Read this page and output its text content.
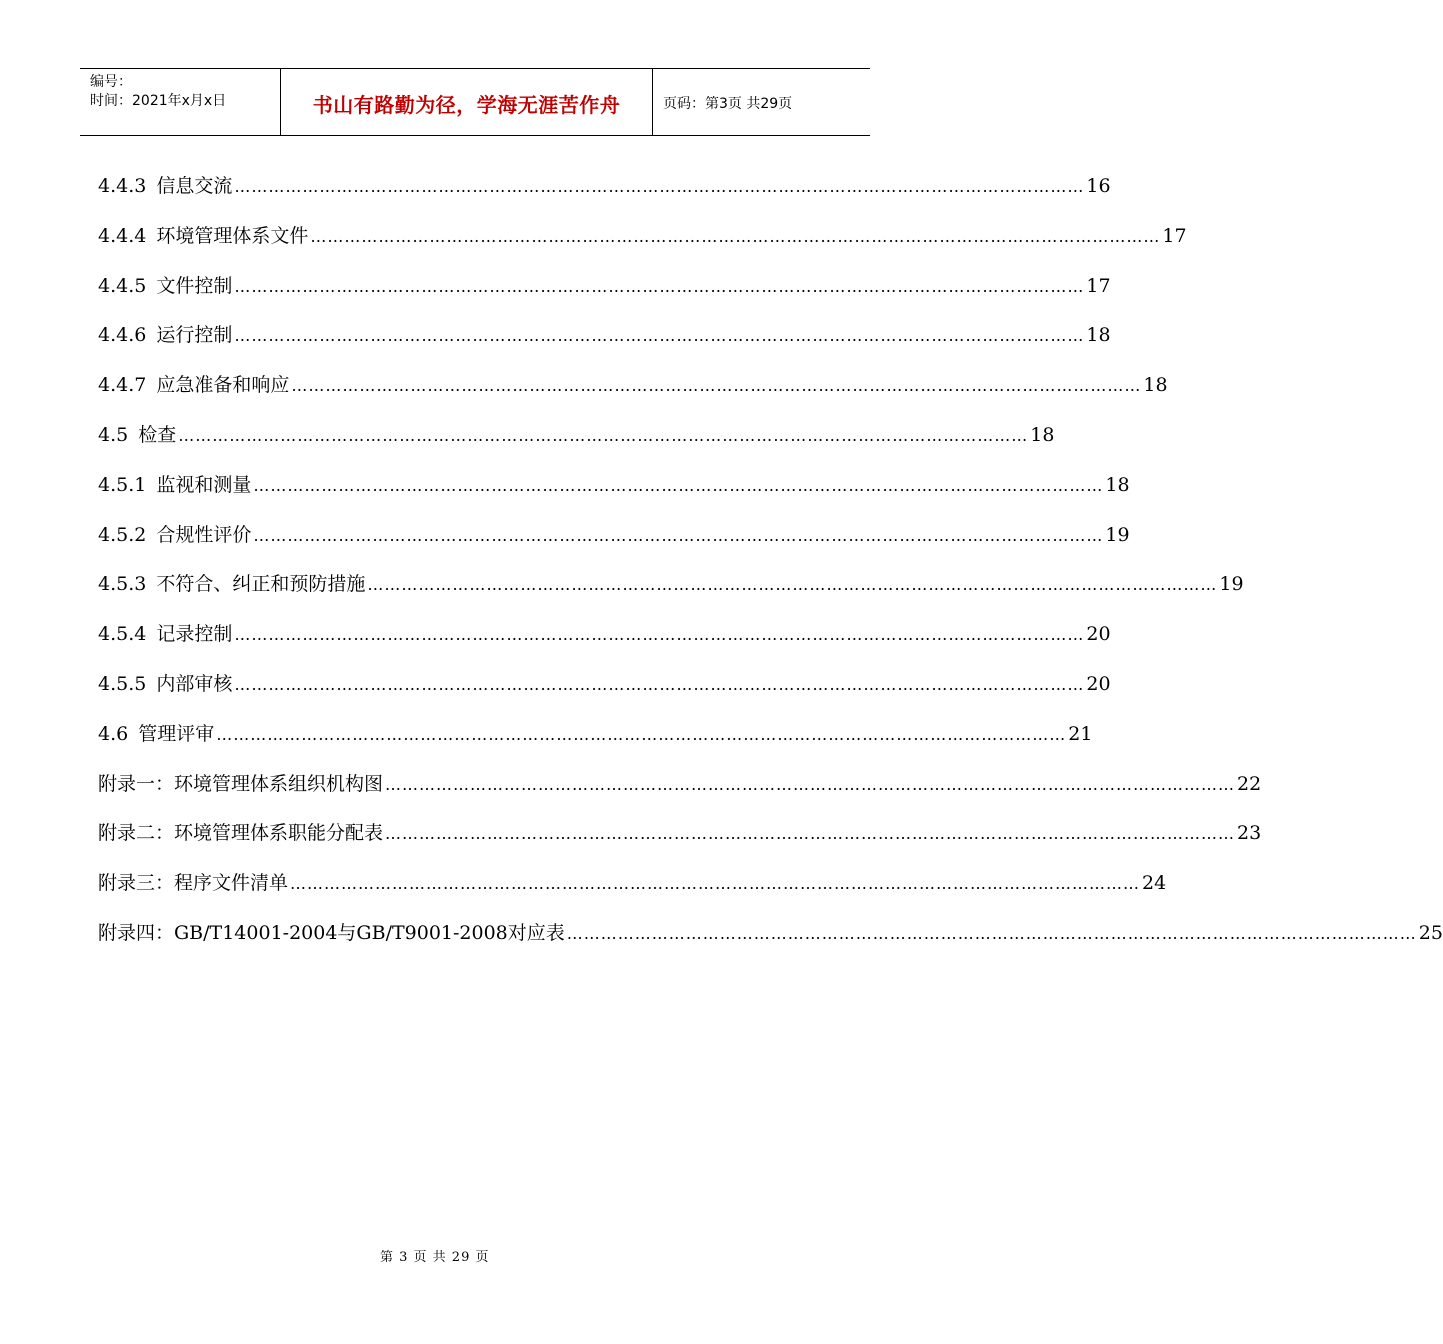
编号：
时间：2021年x月x日	书山有路勤为径，学海无涯苦作舟	页码：第3页 共29页
4.4.3 信息交流 …………………………………………………………………………………………………………………………………… 16
4.4.4 环境管理体系文件 …………………………………………………………………………………………………………………………………… 17
4.4.5 文件控制 …………………………………………………………………………………………………………………………………… 17
4.4.6 运行控制 …………………………………………………………………………………………………………………………………… 18
4.4.7 应急准备和响应 …………………………………………………………………………………………………………………………………… 18
4.5 检查 …………………………………………………………………………………………………………………………………… 18
4.5.1 监视和测量 …………………………………………………………………………………………………………………………………… 18
4.5.2 合规性评价 …………………………………………………………………………………………………………………………………… 19
4.5.3 不符合、纠正和预防措施 …………………………………………………………………………………………………………………………………… 19
4.5.4 记录控制 …………………………………………………………………………………………………………………………………… 20
4.5.5 内部审核 …………………………………………………………………………………………………………………………………… 20
4.6 管理评审 …………………………………………………………………………………………………………………………………… 21
附录一：环境管理体系组织机构图 …………………………………………………………………………………………………………………………………… 22
附录二：环境管理体系职能分配表 …………………………………………………………………………………………………………………………………… 23
附录三：程序文件清单 …………………………………………………………………………………………………………………………………… 24
附录四：GB/T14001-2004与GB/T9001-2008对应表 …………………………………………………………………………………………………………………………………… 25
第 3 页 共 29 页
